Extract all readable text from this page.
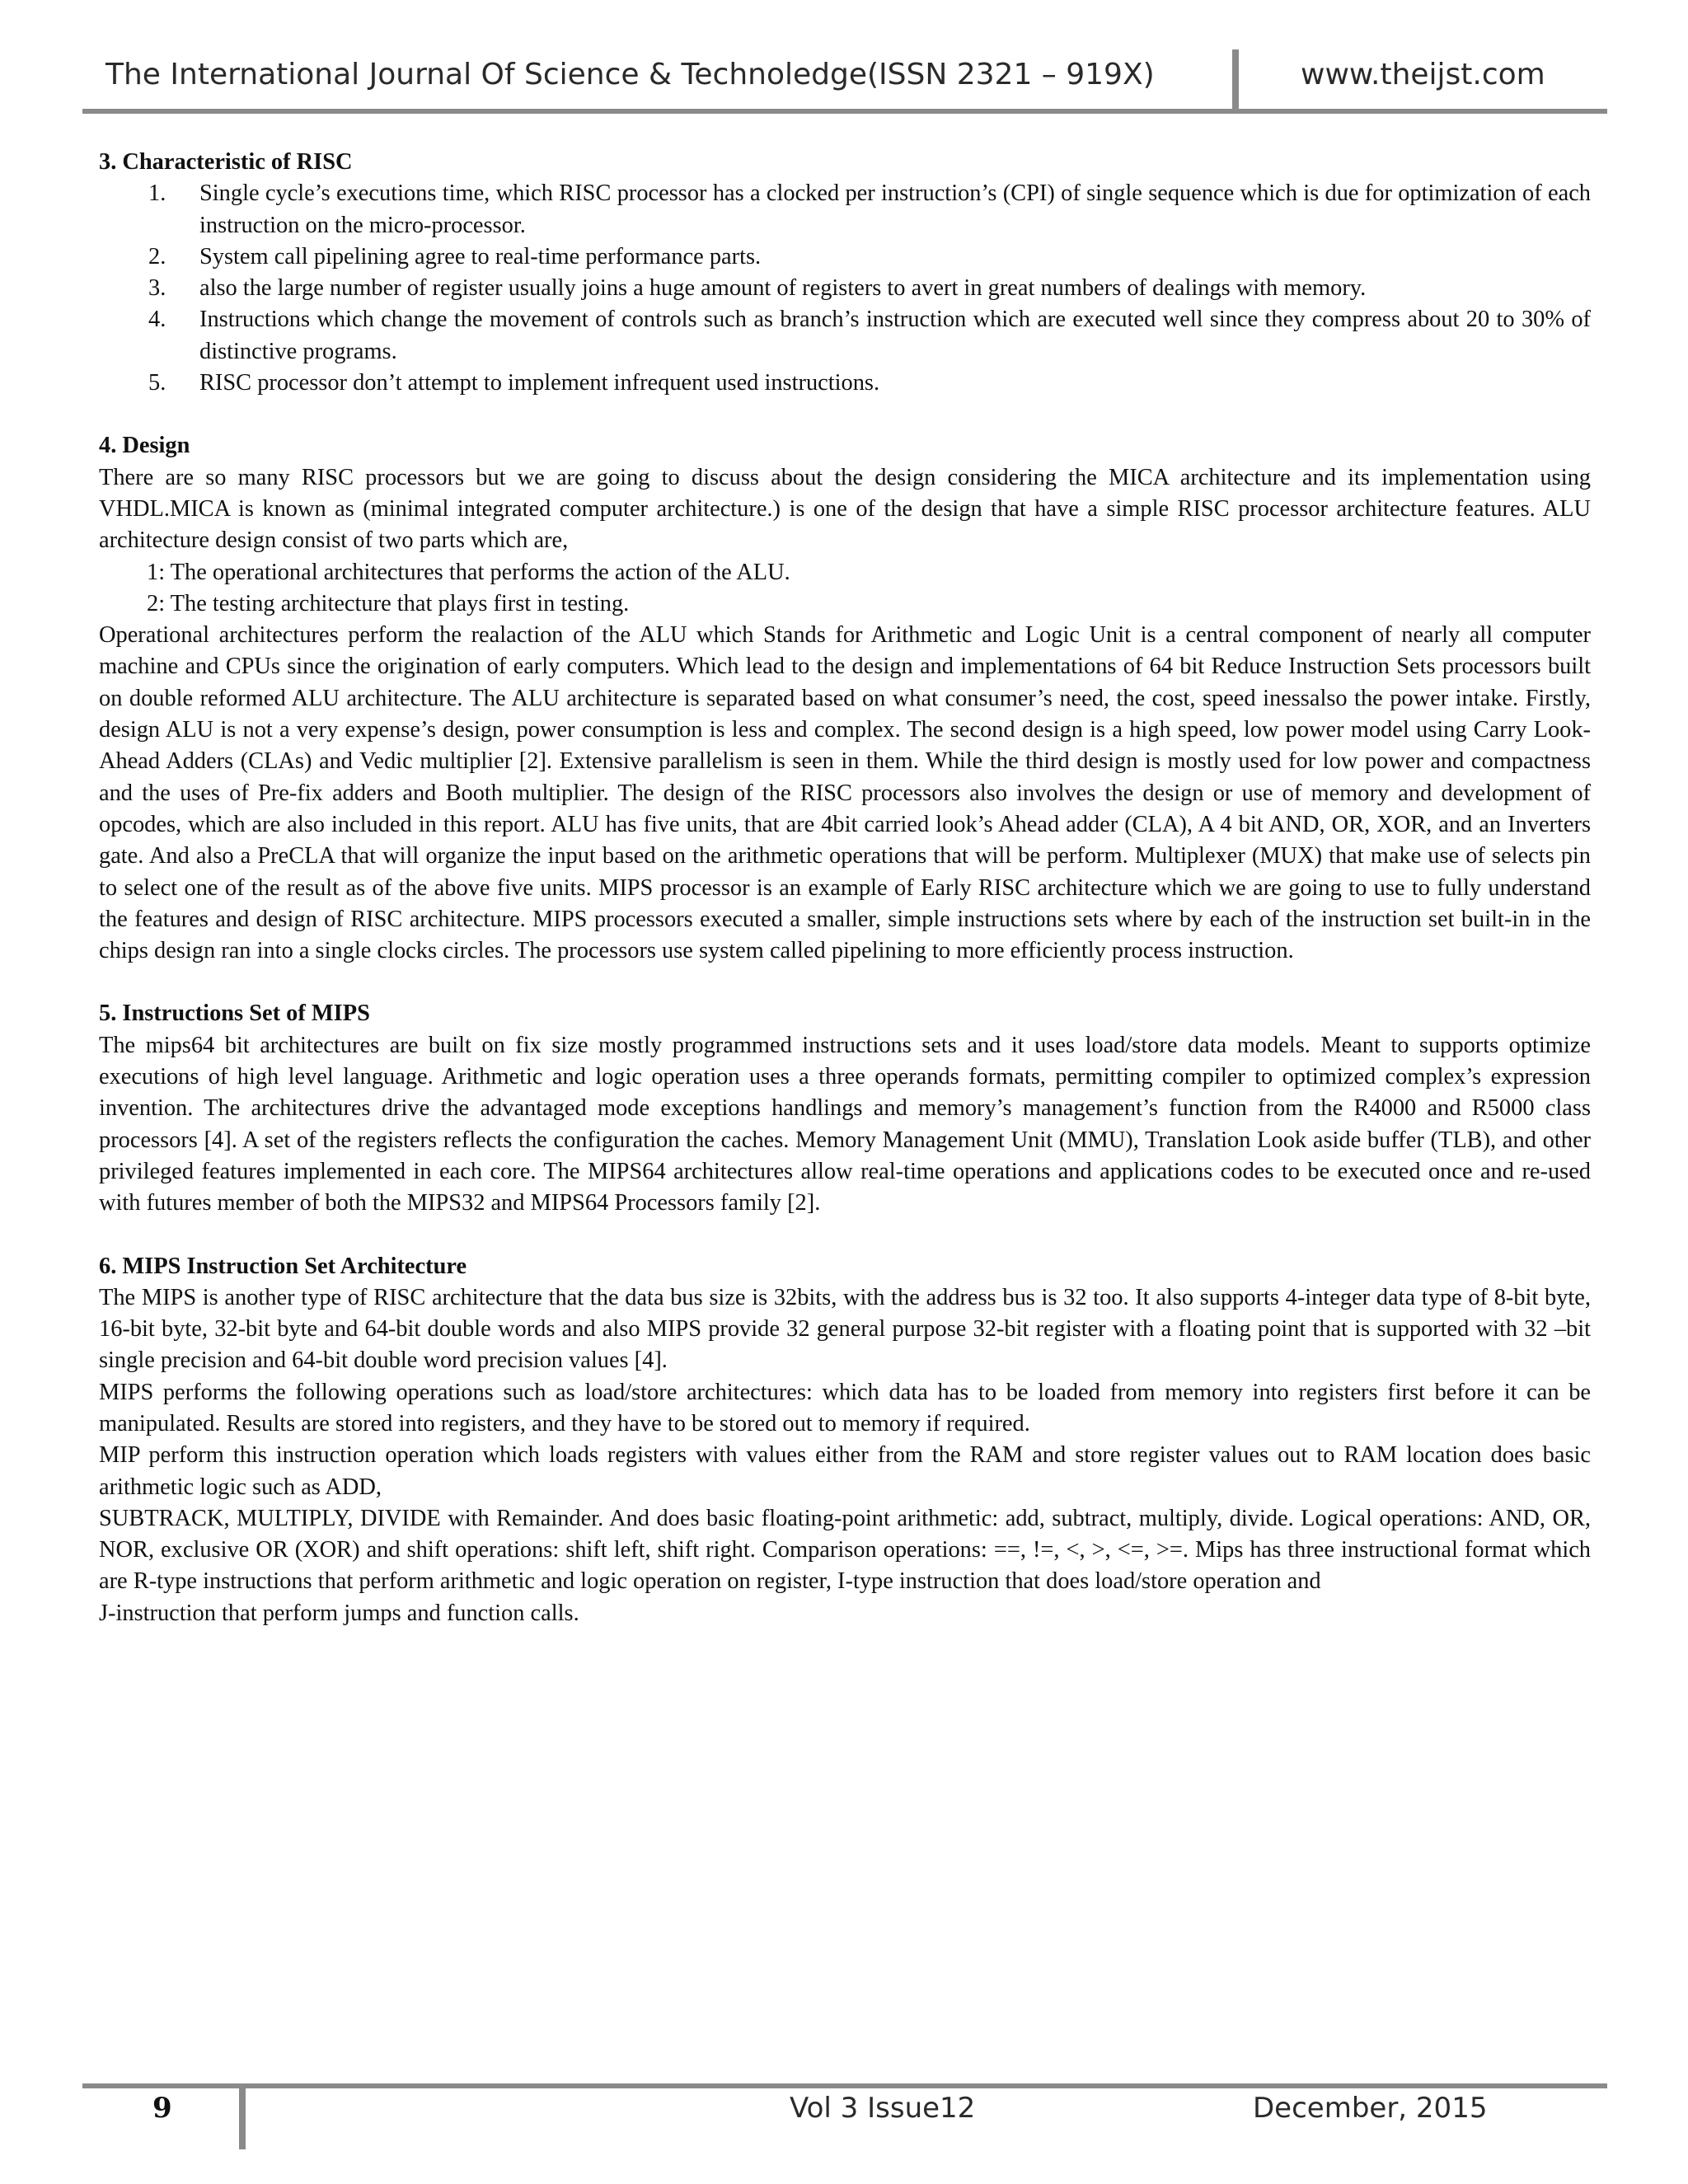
The International Journal Of Science & Technoledge(ISSN 2321 – 919X)	www.theijst.com
3. Characteristic of RISC
1. Single cycle’s executions time, which RISC processor has a clocked per instruction’s (CPI) of single sequence which is due for optimization of each instruction on the micro-processor.
2. System call pipelining agree to real-time performance parts.
3. also the large number of register usually joins a huge amount of registers to avert in great numbers of dealings with memory.
4. Instructions which change the movement of controls such as branch’s instruction which are executed well since they compress about 20 to 30% of distinctive programs.
5. RISC processor don’t attempt to implement infrequent used instructions.
4. Design

There are so many RISC processors but we are going to discuss about the design considering the MICA architecture and its implementation using VHDL.MICA is known as (minimal integrated computer architecture.) is one of the design that have a simple RISC processor architecture features. ALU architecture design consist of two parts which are,

1: The operational architectures that performs the action of the ALU.

2: The testing architecture that plays first in testing.

Operational architectures perform the realaction of the ALU which Stands for Arithmetic and Logic Unit is a central component of nearly all computer machine and CPUs since the origination of early computers. Which lead to the design and implementations of 64 bit Reduce Instruction Sets processors built on double reformed ALU architecture. The ALU architecture is separated based on what consumer’s need, the cost, speed inessalso the power intake. Firstly, design ALU is not a very expense’s design, power consumption is less and complex. The second design is a high speed, low power model using Carry Look-Ahead Adders (CLAs) and Vedic multiplier [2]. Extensive parallelism is seen in them. While the third design is mostly used for low power and compactness and the uses of Pre-fix adders and Booth multiplier. The design of the RISC processors also involves the design or use of memory and development of opcodes, which are also included in this report. ALU has five units, that are 4bit carried look’s Ahead adder (CLA), A 4 bit AND, OR, XOR, and an Inverters gate. And also a PreCLA that will organize the input based on the arithmetic operations that will be perform. Multiplexer (MUX) that make use of selects pin to select one of the result as of the above five units. MIPS processor is an example of Early RISC architecture which we are going to use to fully understand the features and design of RISC architecture. MIPS processors executed a smaller, simple instructions sets where by each of the instruction set built-in in the chips design ran into a single clocks circles. The processors use system called pipelining to more efficiently process instruction.

5. Instructions Set of MIPS

The mips64 bit architectures are built on fix size mostly programmed instructions sets and it uses load/store data models. Meant to supports optimize executions of high level language. Arithmetic and logic operation uses a three operands formats, permitting compiler to optimized complex’s expression invention. The architectures drive the advantaged mode exceptions handlings and memory’s management’s function from the R4000 and R5000 class processors [4]. A set of the registers reflects the configuration the caches. Memory Management Unit (MMU), Translation Look aside buffer (TLB), and other privileged features implemented in each core. The MIPS64 architectures allow real-time operations and applications codes to be executed once and re-used with futures member of both the MIPS32 and MIPS64 Processors family [2].

6. MIPS Instruction Set Architecture

The MIPS is another type of RISC architecture that the data bus size is 32bits, with the address bus is 32 too. It also supports 4-integer data type of 8-bit byte, 16-bit byte, 32-bit byte and 64-bit double words and also MIPS provide 32 general purpose 32-bit register with a floating point that is supported with 32 –bit single precision and 64-bit double word precision values [4].

MIPS performs the following operations such as load/store architectures: which data has to be loaded from memory into registers first before it can be manipulated. Results are stored into registers, and they have to be stored out to memory if required.

MIP perform this instruction operation which loads registers with values either from the RAM and store register values out to RAM location does basic arithmetic logic such as ADD,

SUBTRACK, MULTIPLY, DIVIDE with Remainder. And does basic floating-point arithmetic: add, subtract, multiply, divide. Logical operations: AND, OR, NOR, exclusive OR (XOR) and shift operations: shift left, shift right. Comparison operations: ==, !=, <, >, <=, >=. Mips has three instructional format which are R-type instructions that perform arithmetic and logic operation on register, I-type instruction that does load/store operation and

J-instruction that perform jumps and function calls.

9	Vol 3 Issue12	December, 2015
